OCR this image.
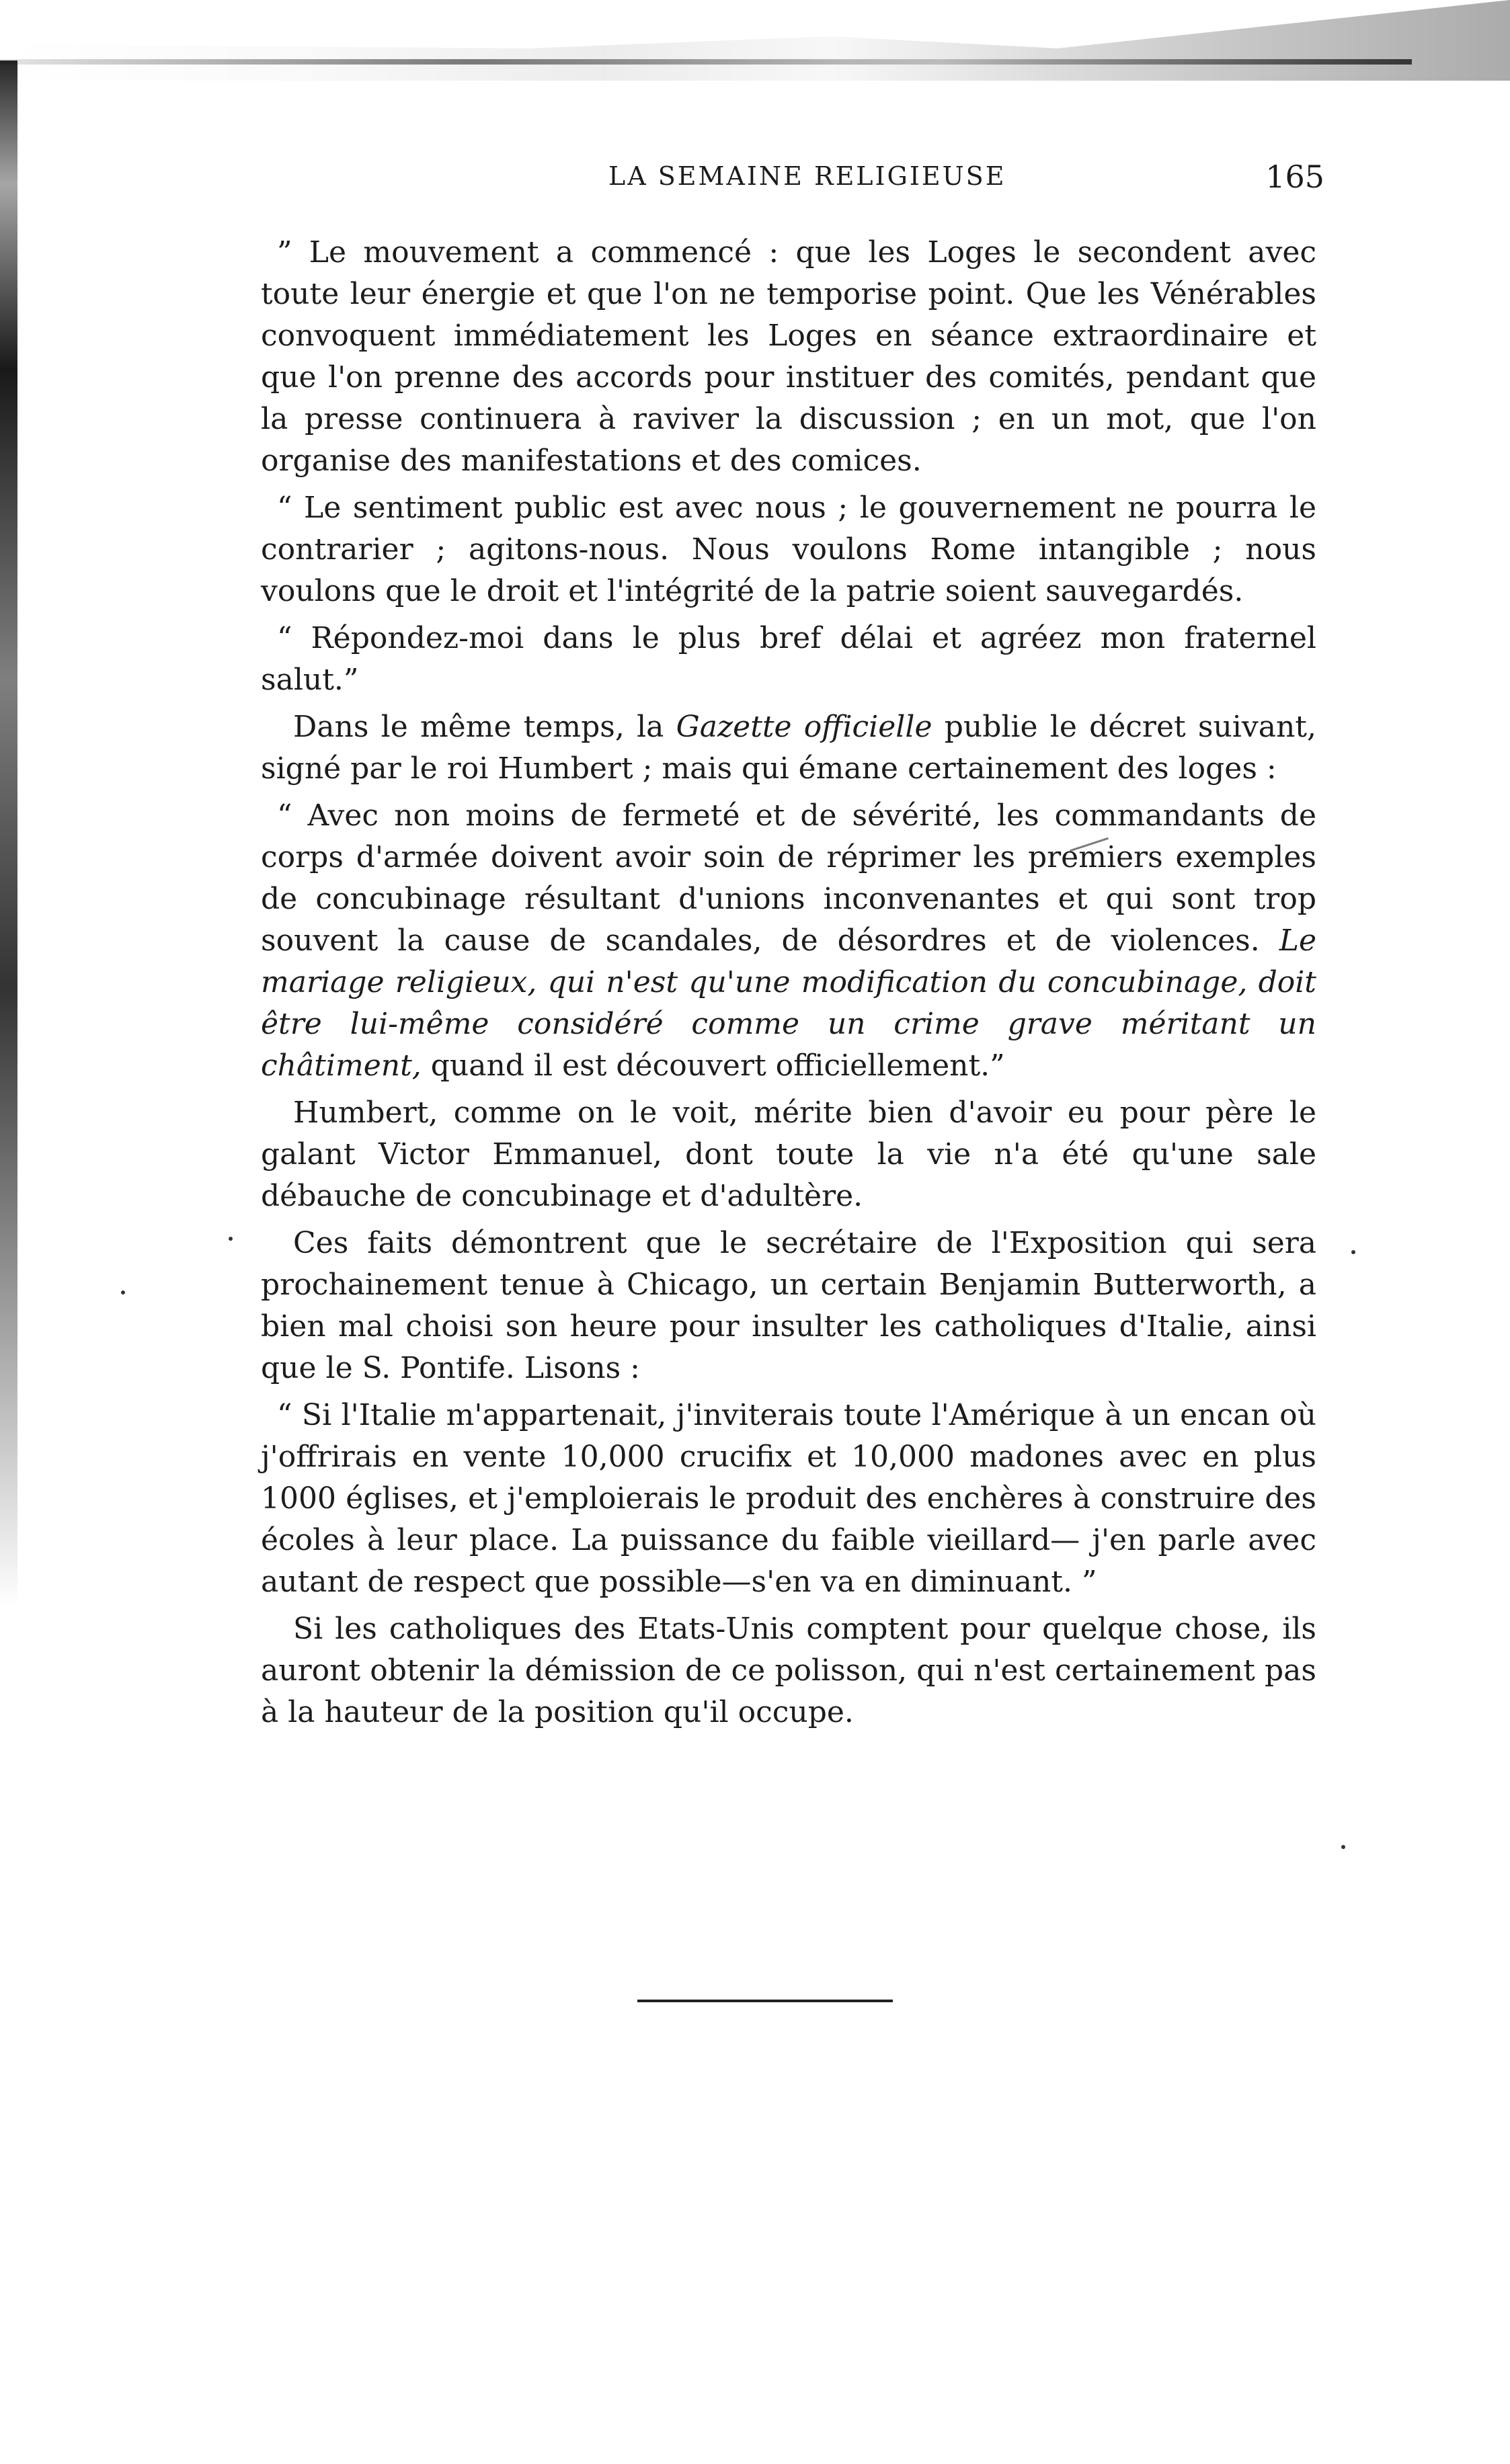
LA SEMAINE RELIGIEUSE	165

” Le mouvement a commencé : que les Loges le secondent avec toute leur énergie et que l'on ne temporise point. Que les Vénérables convoquent immédiatement les Loges en séance extraordinaire et que l'on prenne des accords pour instituer des comités, pendant que la presse continuera à raviver la discussion ; en un mot, que l'on organise des manifestations et des comices.

“ Le sentiment public est avec nous ; le gouvernement ne pourra le contrarier ; agitons-nous. Nous voulons Rome intangible ; nous voulons que le droit et l'intégrité de la patrie soient sauvegardés.

“ Répondez-moi dans le plus bref délai et agréez mon fraternel salut.”

Dans le même temps, la Gazette officielle publie le décret suivant, signé par le roi Humbert ; mais qui émane certainement des loges :

“ Avec non moins de fermeté et de sévérité, les commandants de corps d'armée doivent avoir soin de réprimer les premiers exemples de concubinage résultant d'unions inconvenantes et qui sont trop souvent la cause de scandales, de désordres et de violences. Le mariage religieux, qui n'est qu'une modification du concubinage, doit être lui-même considéré comme un crime grave méritant un châtiment, quand il est découvert officiellement.”

Humbert, comme on le voit, mérite bien d'avoir eu pour père le galant Victor Emmanuel, dont toute la vie n'a été qu'une sale débauche de concubinage et d'adultère.

Ces faits démontrent que le secrétaire de l'Exposition qui sera prochainement tenue à Chicago, un certain Benjamin Butterworth, a bien mal choisi son heure pour insulter les catholiques d'Italie, ainsi que le S. Pontife. Lisons :

“ Si l'Italie m'appartenait, j'inviterais toute l'Amérique à un encan où j'offrirais en vente 10,000 crucifix et 10,000 madones avec en plus 1000 églises, et j'emploierais le produit des enchères à construire des écoles à leur place. La puissance du faible vieillard— j'en parle avec autant de respect que possible—s'en va en diminuant. ”

Si les catholiques des Etats-Unis comptent pour quelque chose, ils auront obtenir la démission de ce polisson, qui n'est certainement pas à la hauteur de la position qu'il occupe.
